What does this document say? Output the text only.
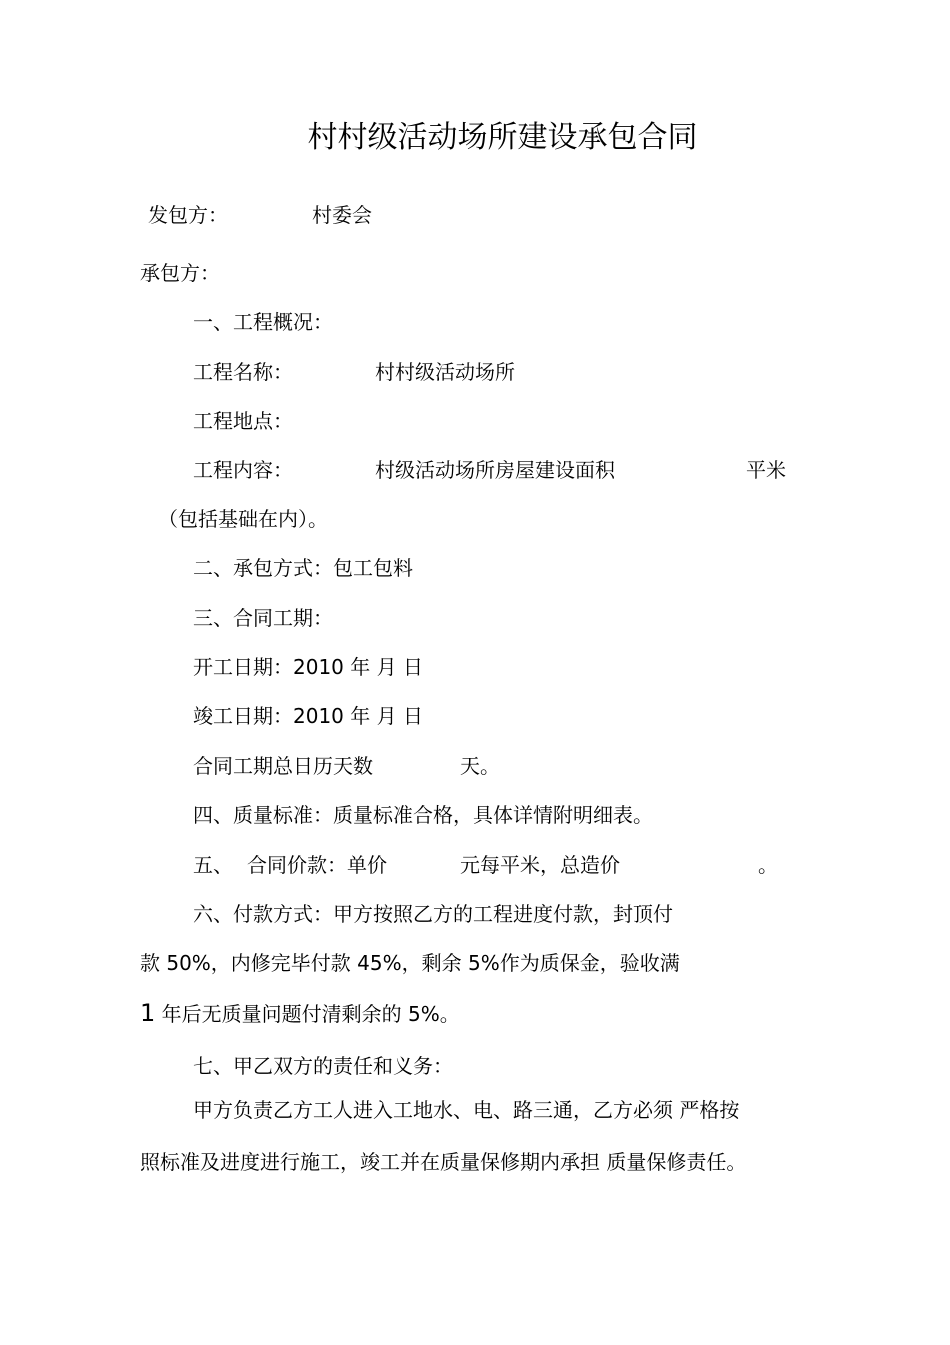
村村级活动场所建设承包合同
发包方：	村委会
承包方：
一、工程概况：
工程名称：	村村级活动场所
工程地点：
工程内容：	村级活动场所房屋建设面积	平米
（包括基础在内）。
二、承包方式：包工包料
三、合同工期：
开工日期：2010 年 月 日
竣工日期：2010 年 月 日
合同工期总日历天数	天。
四、质量标准：质量标准合格，具体详情附明细表。
五、 合同价款：单价	元每平米，总造价	。
六、付款方式：甲方按照乙方的工程进度付款，封顶付
款 50%，内修完毕付款 45%，剩余 5%作为质保金，验收满
1 年后无质量问题付清剩余的 5%。
七、甲乙双方的责任和义务：
甲方负责乙方工人进入工地水、电、路三通，乙方必须 严格按
照标准及进度进行施工，竣工并在质量保修期内承担 质量保修责任。
